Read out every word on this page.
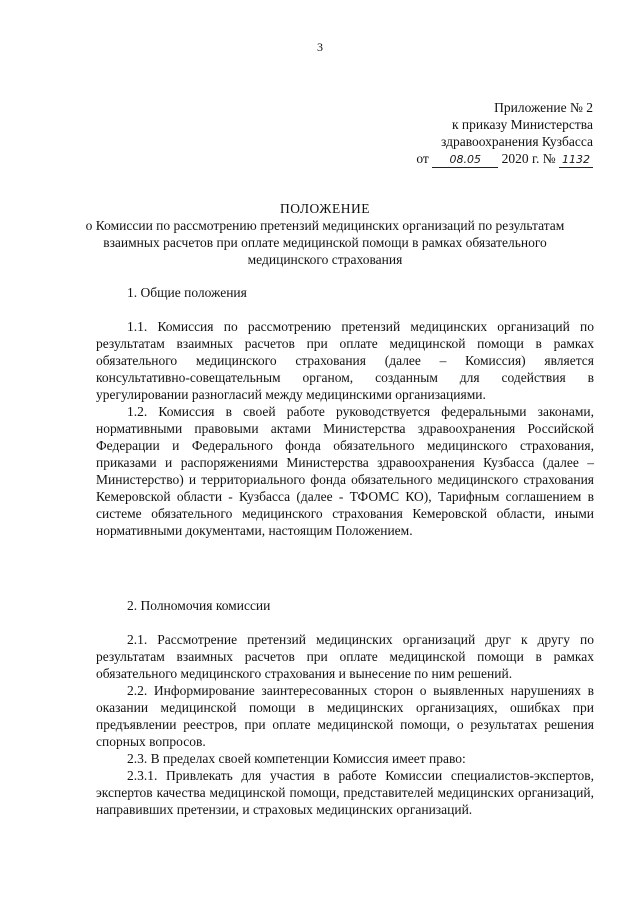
3
Приложение № 2
к приказу Министерства
здравоохранения Кузбасса
от 08.05 2020 г. № 1132
ПОЛОЖЕНИЕ
о Комиссии по рассмотрению претензий медицинских организаций по результатам взаимных расчетов при оплате медицинской помощи в рамках обязательного медицинского страхования

1. Общие положения

1.1. Комиссия по рассмотрению претензий медицинских организаций по результатам взаимных расчетов при оплате медицинской помощи в рамках обязательного медицинского страхования (далее – Комиссия) является консультативно-совещательным органом, созданным для содействия в урегулировании разногласий между медицинскими организациями.

1.2. Комиссия в своей работе руководствуется федеральными законами, нормативными правовыми актами Министерства здравоохранения Российской Федерации и Федерального фонда обязательного медицинского страхования, приказами и распоряжениями Министерства здравоохранения Кузбасса (далее – Министерство) и территориального фонда обязательного медицинского страхования Кемеровской области - Кузбасса (далее - ТФОМС КО), Тарифным соглашением в системе обязательного медицинского страхования Кемеровской области, иными нормативными документами, настоящим Положением.

2. Полномочия комиссии

2.1. Рассмотрение претензий медицинских организаций друг к другу по результатам взаимных расчетов при оплате медицинской помощи в рамках обязательного медицинского страхования и вынесение по ним решений.

2.2. Информирование заинтересованных сторон о выявленных нарушениях в оказании медицинской помощи в медицинских организациях, ошибках при предъявлении реестров, при оплате медицинской помощи, о результатах решения спорных вопросов.

2.3. В пределах своей компетенции Комиссия имеет право:

2.3.1. Привлекать для участия в работе Комиссии специалистов-экспертов, экспертов качества медицинской помощи, представителей медицинских организаций, направивших претензии, и страховых медицинских организаций.
